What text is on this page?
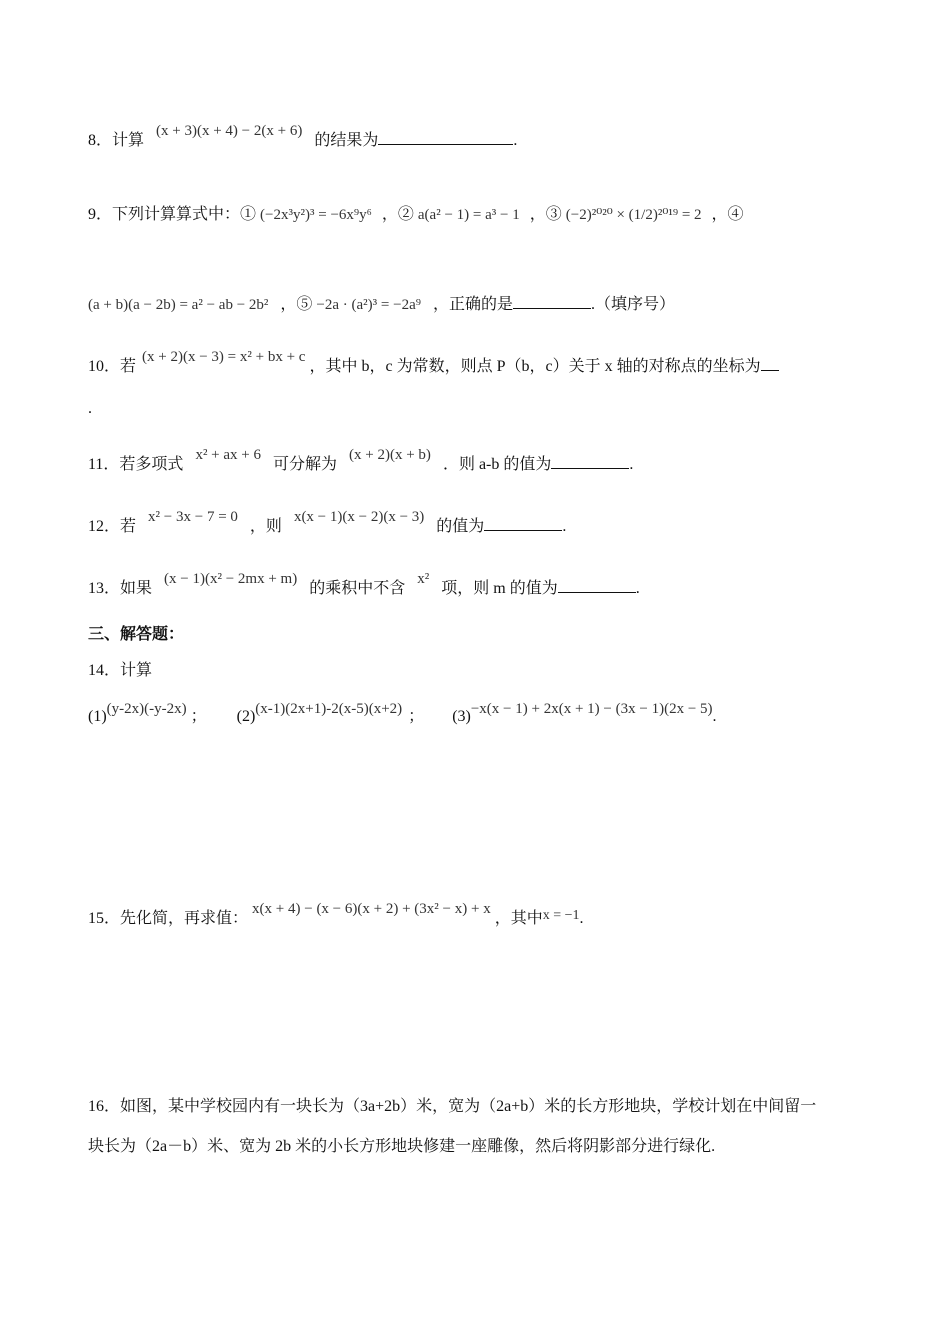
8．计算(x + 3)(x + 4) − 2(x + 6)的结果为	.
9．下列计算算式中：① (−2x³y²)³ = −6x⁹y⁶ ，② a(a² − 1) = a³ − 1 ，③ (−2)²⁰²⁰ × (1/2)²⁰¹⁹ = 2 ，④
(a + b)(a − 2b) = a² − ab − 2b² ，⑤ −2a · (a²)³ = −2a⁹ ，正确的是	.（填序号）
10．若(x + 2)(x − 3) = x² + bx + c，其中 b，c 为常数，则点 P（b，c）关于 x 轴的对称点的坐标为
.
11．若多项式x² + ax + 6可分解为(x + 2)(x + b)．则 a-b 的值为	.
12．若x² − 3x − 7 = 0，则x(x − 1)(x − 2)(x − 3)的值为	.
13．如果(x − 1)(x² − 2mx + m)的乘积中不含x²项，则 m 的值为	.
三、解答题：
14．计算
(1)(y-2x)(-y-2x) ； (2)(x-1)(2x+1)-2(x-5)(x+2) ； (3)−x(x − 1) + 2x(x + 1) − (3x − 1)(2x − 5).
15．先化简，再求值：x(x + 4) − (x − 6)(x + 2) + (3x² − x) + x，其中x = −1.
16．如图，某中学校园内有一块长为（3a+2b）米，宽为（2a+b）米的长方形地块，学校计划在中间留一
块长为（2a－b）米、宽为 2b 米的小长方形地块修建一座雕像，然后将阴影部分进行绿化.
